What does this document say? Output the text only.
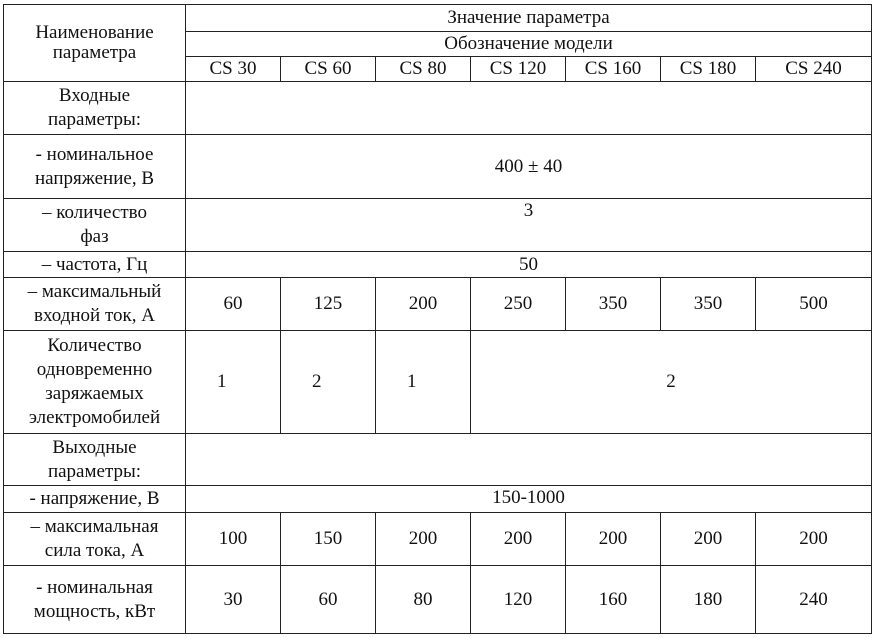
Наименование
параметра	Значение параметра						
	Обозначение модели						
	CS 30	CS 60	CS 80	CS 120	CS 160	CS 180	CS 240

Входные
параметры:							

- номинальное
напряжение, В	400 ± 40						

– количество
фаз	3						

– частота, Гц	50						

– максимальный
входной ток, А	60	125	200	250	350	350	500

Количество
одновременно
заряжаемых
электромобилей	1	2	1	2			

Выходные
параметры:							

- напряжение, В	150-1000						

– максимальная
сила тока, А	100	150	200	200	200	200	200

- номинальная
мощность, кВт	30	60	80	120	160	180	240
